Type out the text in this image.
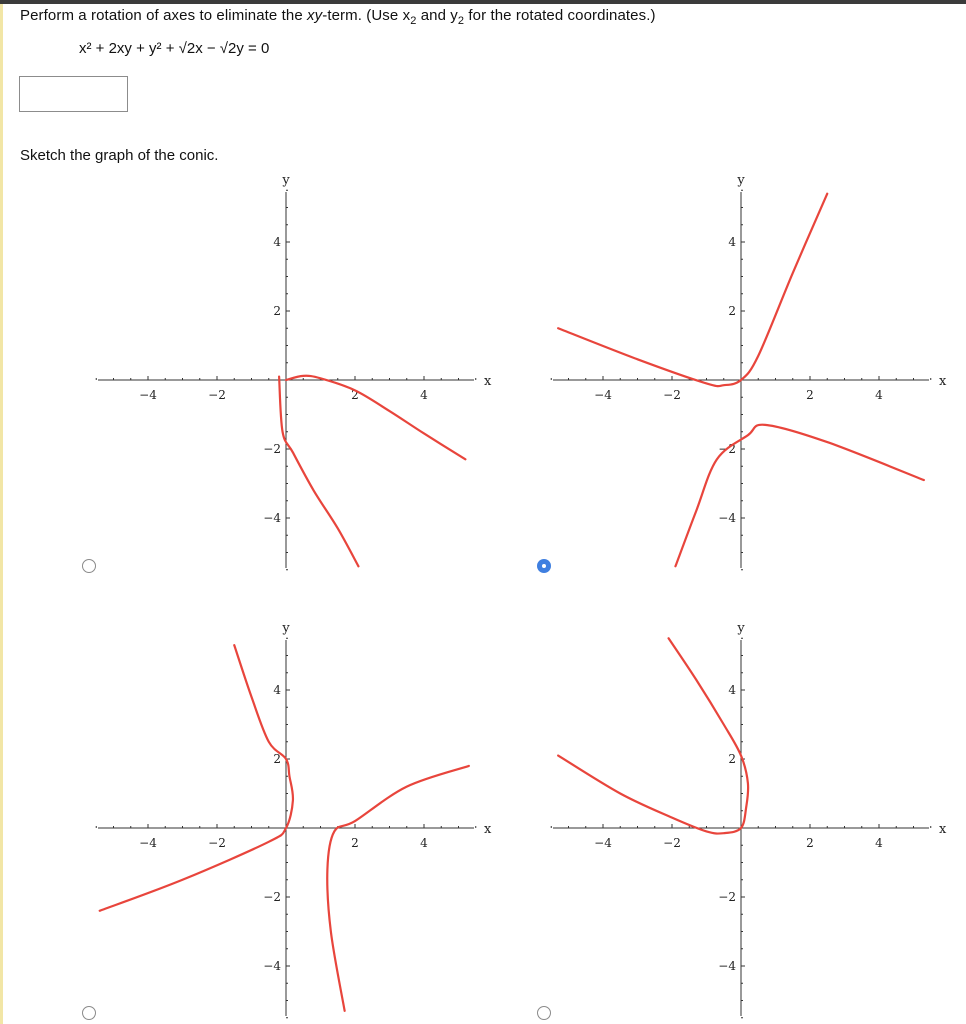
Perform a rotation of axes to eliminate the xy-term. (Use $x_2$ and $y_2$ for the rotated coordinates.)
x² + 2xy + y² + √2x − √2y = 0
Sketch the graph of the conic.
−4	−2	2	4
−4
−2
2
4
x
y
−4	−2	2	4
−4
−2
2
4
x
y
−4	−2	2	4
−4
−2
2
4
x
y
−4	−2	2	4
−4
−2
2
4
x
y
